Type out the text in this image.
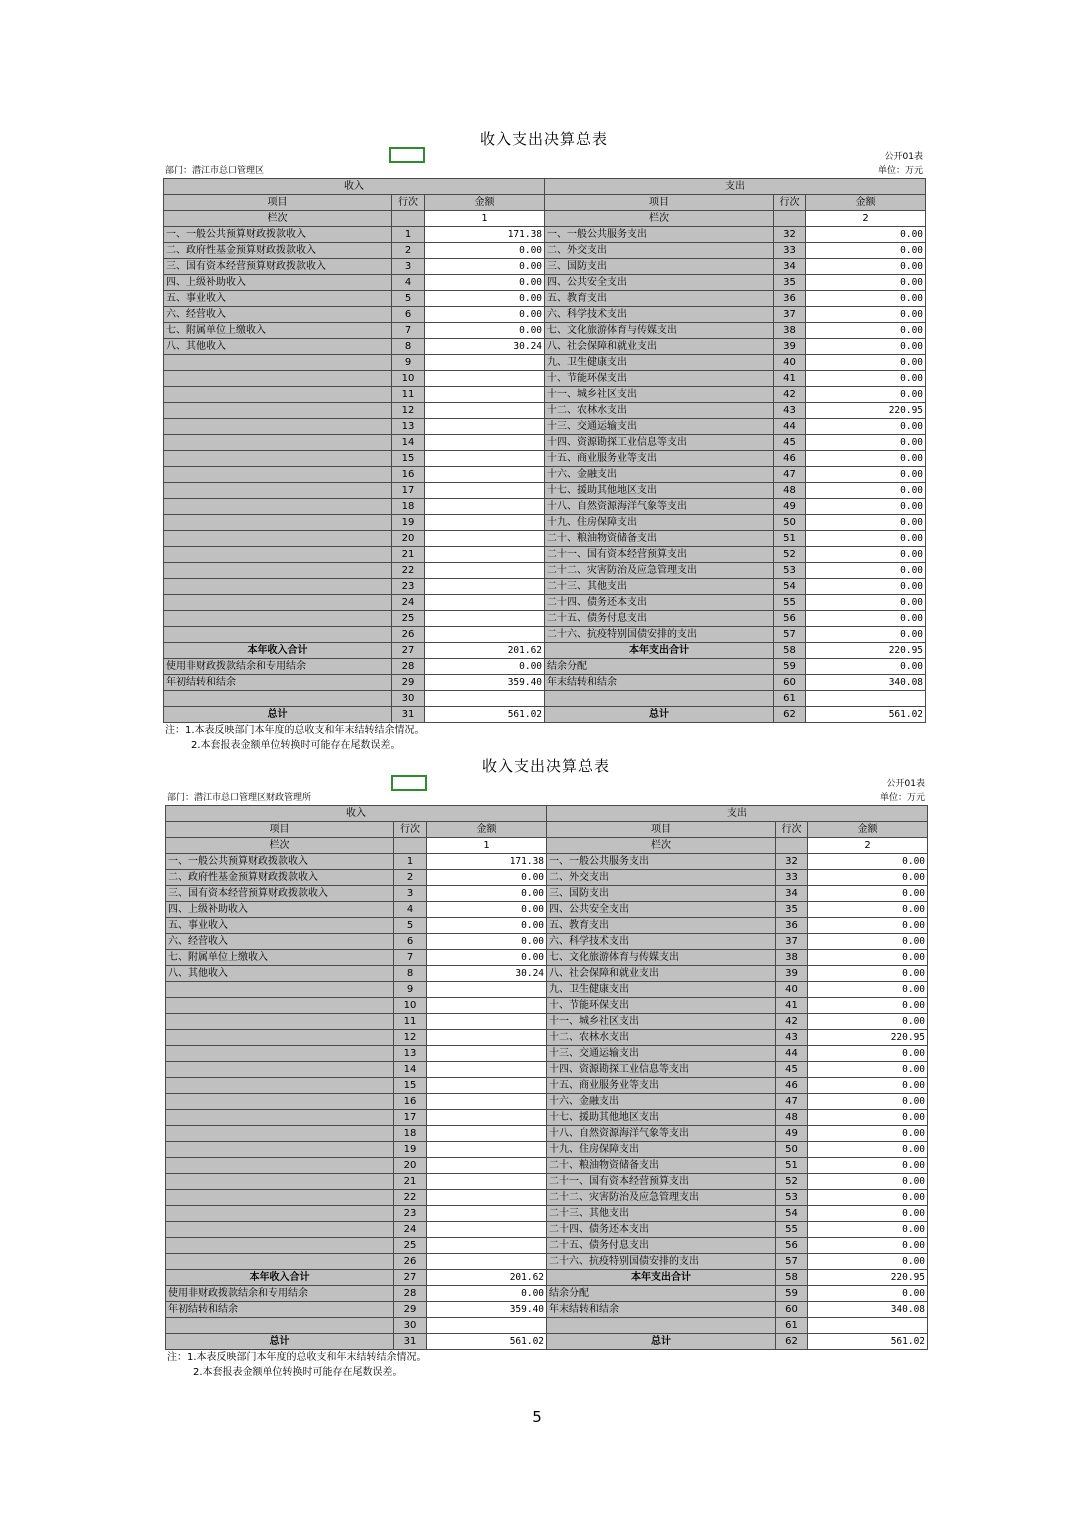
收入支出决算总表
公开01表
部门：潜江市总口管理区	单位：万元
收入			支出		
项目	行次	金额	项目	行次	金额
栏次		1	栏次		2
一、一般公共预算财政拨款收入	1	171.38	一、一般公共服务支出	32	0.00
二、政府性基金预算财政拨款收入	2	0.00	二、外交支出	33	0.00
三、国有资本经营预算财政拨款收入	3	0.00	三、国防支出	34	0.00
四、上级补助收入	4	0.00	四、公共安全支出	35	0.00
五、事业收入	5	0.00	五、教育支出	36	0.00
六、经营收入	6	0.00	六、科学技术支出	37	0.00
七、附属单位上缴收入	7	0.00	七、文化旅游体育与传媒支出	38	0.00
八、其他收入	8	30.24	八、社会保障和就业支出	39	0.00
	9		九、卫生健康支出	40	0.00
	10		十、节能环保支出	41	0.00
	11		十一、城乡社区支出	42	0.00
	12		十二、农林水支出	43	220.95
	13		十三、交通运输支出	44	0.00
	14		十四、资源勘探工业信息等支出	45	0.00
	15		十五、商业服务业等支出	46	0.00
	16		十六、金融支出	47	0.00
	17		十七、援助其他地区支出	48	0.00
	18		十八、自然资源海洋气象等支出	49	0.00
	19		十九、住房保障支出	50	0.00
	20		二十、粮油物资储备支出	51	0.00
	21		二十一、国有资本经营预算支出	52	0.00
	22		二十二、灾害防治及应急管理支出	53	0.00
	23		二十三、其他支出	54	0.00
	24		二十四、债务还本支出	55	0.00
	25		二十五、债务付息支出	56	0.00
	26		二十六、抗疫特别国债安排的支出	57	0.00
本年收入合计	27	201.62	本年支出合计	58	220.95
使用非财政拨款结余和专用结余	28	0.00	结余分配	59	0.00
年初结转和结余	29	359.40	年末结转和结余	60	340.08
	30			61	
总计	31	561.02	总计	62	561.02
注：1.本表反映部门本年度的总收支和年末结转结余情况。
2.本套报表金额单位转换时可能存在尾数误差。
收入支出决算总表
公开01表
部门：潜江市总口管理区财政管理所	单位：万元
收入			支出		
项目	行次	金额	项目	行次	金额
栏次		1	栏次		2
一、一般公共预算财政拨款收入	1	171.38	一、一般公共服务支出	32	0.00
二、政府性基金预算财政拨款收入	2	0.00	二、外交支出	33	0.00
三、国有资本经营预算财政拨款收入	3	0.00	三、国防支出	34	0.00
四、上级补助收入	4	0.00	四、公共安全支出	35	0.00
五、事业收入	5	0.00	五、教育支出	36	0.00
六、经营收入	6	0.00	六、科学技术支出	37	0.00
七、附属单位上缴收入	7	0.00	七、文化旅游体育与传媒支出	38	0.00
八、其他收入	8	30.24	八、社会保障和就业支出	39	0.00
	9		九、卫生健康支出	40	0.00
	10		十、节能环保支出	41	0.00
	11		十一、城乡社区支出	42	0.00
	12		十二、农林水支出	43	220.95
	13		十三、交通运输支出	44	0.00
	14		十四、资源勘探工业信息等支出	45	0.00
	15		十五、商业服务业等支出	46	0.00
	16		十六、金融支出	47	0.00
	17		十七、援助其他地区支出	48	0.00
	18		十八、自然资源海洋气象等支出	49	0.00
	19		十九、住房保障支出	50	0.00
	20		二十、粮油物资储备支出	51	0.00
	21		二十一、国有资本经营预算支出	52	0.00
	22		二十二、灾害防治及应急管理支出	53	0.00
	23		二十三、其他支出	54	0.00
	24		二十四、债务还本支出	55	0.00
	25		二十五、债务付息支出	56	0.00
	26		二十六、抗疫特别国债安排的支出	57	0.00
本年收入合计	27	201.62	本年支出合计	58	220.95
使用非财政拨款结余和专用结余	28	0.00	结余分配	59	0.00
年初结转和结余	29	359.40	年末结转和结余	60	340.08
	30			61	
总计	31	561.02	总计	62	561.02
注：1.本表反映部门本年度的总收支和年末结转结余情况。
2.本套报表金额单位转换时可能存在尾数误差。
5
